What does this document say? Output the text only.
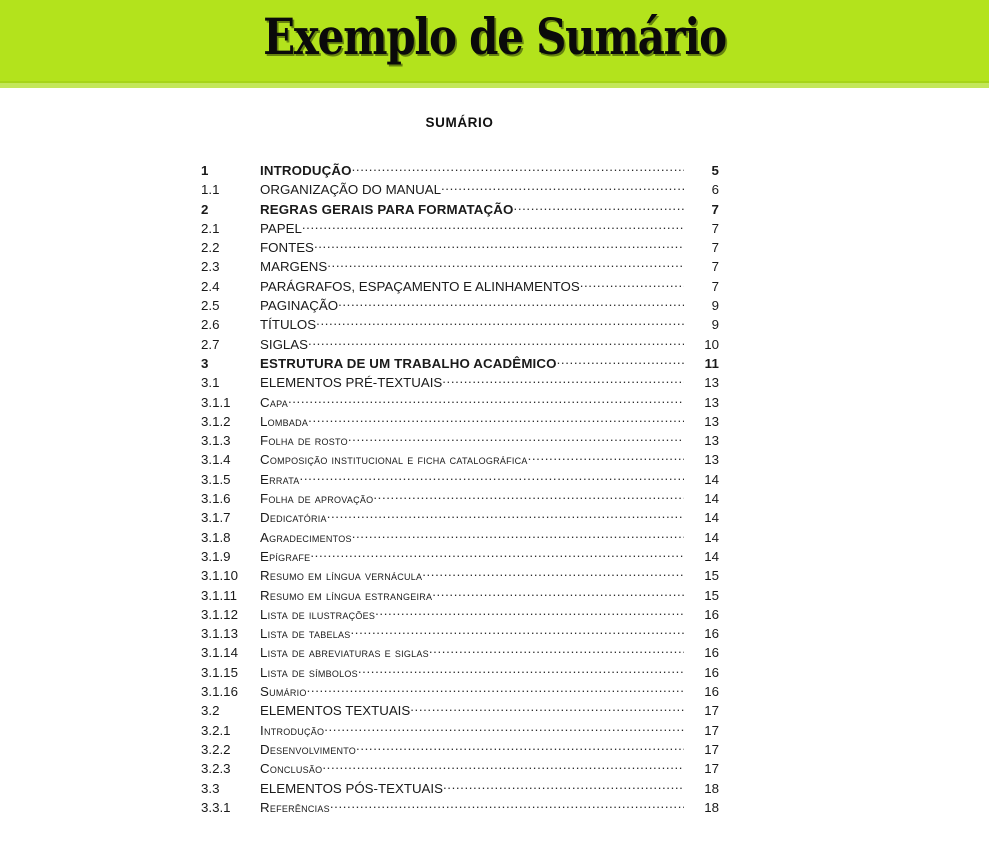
Exemplo de Sumário
SUMÁRIO
1	INTRODUÇÃO .....	5
1.1	ORGANIZAÇÃO DO MANUAL .....	6
2	REGRAS GERAIS PARA FORMATAÇÃO .....	7
2.1	PAPEL .....	7
2.2	FONTES .....	7
2.3	MARGENS .....	7
2.4	PARÁGRAFOS, ESPAÇAMENTO E ALINHAMENTOS .....	7
2.5	PAGINAÇÃO .....	9
2.6	TÍTULOS .....	9
2.7	SIGLAS .....	10
3	ESTRUTURA DE UM TRABALHO ACADÊMICO .....	11
3.1	ELEMENTOS PRÉ-TEXTUAIS .....	13
3.1.1	Capa .....	13
3.1.2	Lombada .....	13
3.1.3	Folha de rosto .....	13
3.1.4	Composição institucional e ficha catalográfica .....	13
3.1.5	Errata .....	14
3.1.6	Folha de aprovação .....	14
3.1.7	Dedicatória .....	14
3.1.8	Agradecimentos .....	14
3.1.9	Epígrafe .....	14
3.1.10	Resumo em língua vernácula .....	15
3.1.11	Resumo em língua estrangeira .....	15
3.1.12	Lista de ilustrações .....	16
3.1.13	Lista de tabelas .....	16
3.1.14	Lista de abreviaturas e siglas .....	16
3.1.15	Lista de símbolos .....	16
3.1.16	Sumário .....	16
3.2	ELEMENTOS TEXTUAIS .....	17
3.2.1	Introdução .....	17
3.2.2	Desenvolvimento .....	17
3.2.3	Conclusão .....	17
3.3	ELEMENTOS PÓS-TEXTUAIS .....	18
3.3.1	Referências .....	18
